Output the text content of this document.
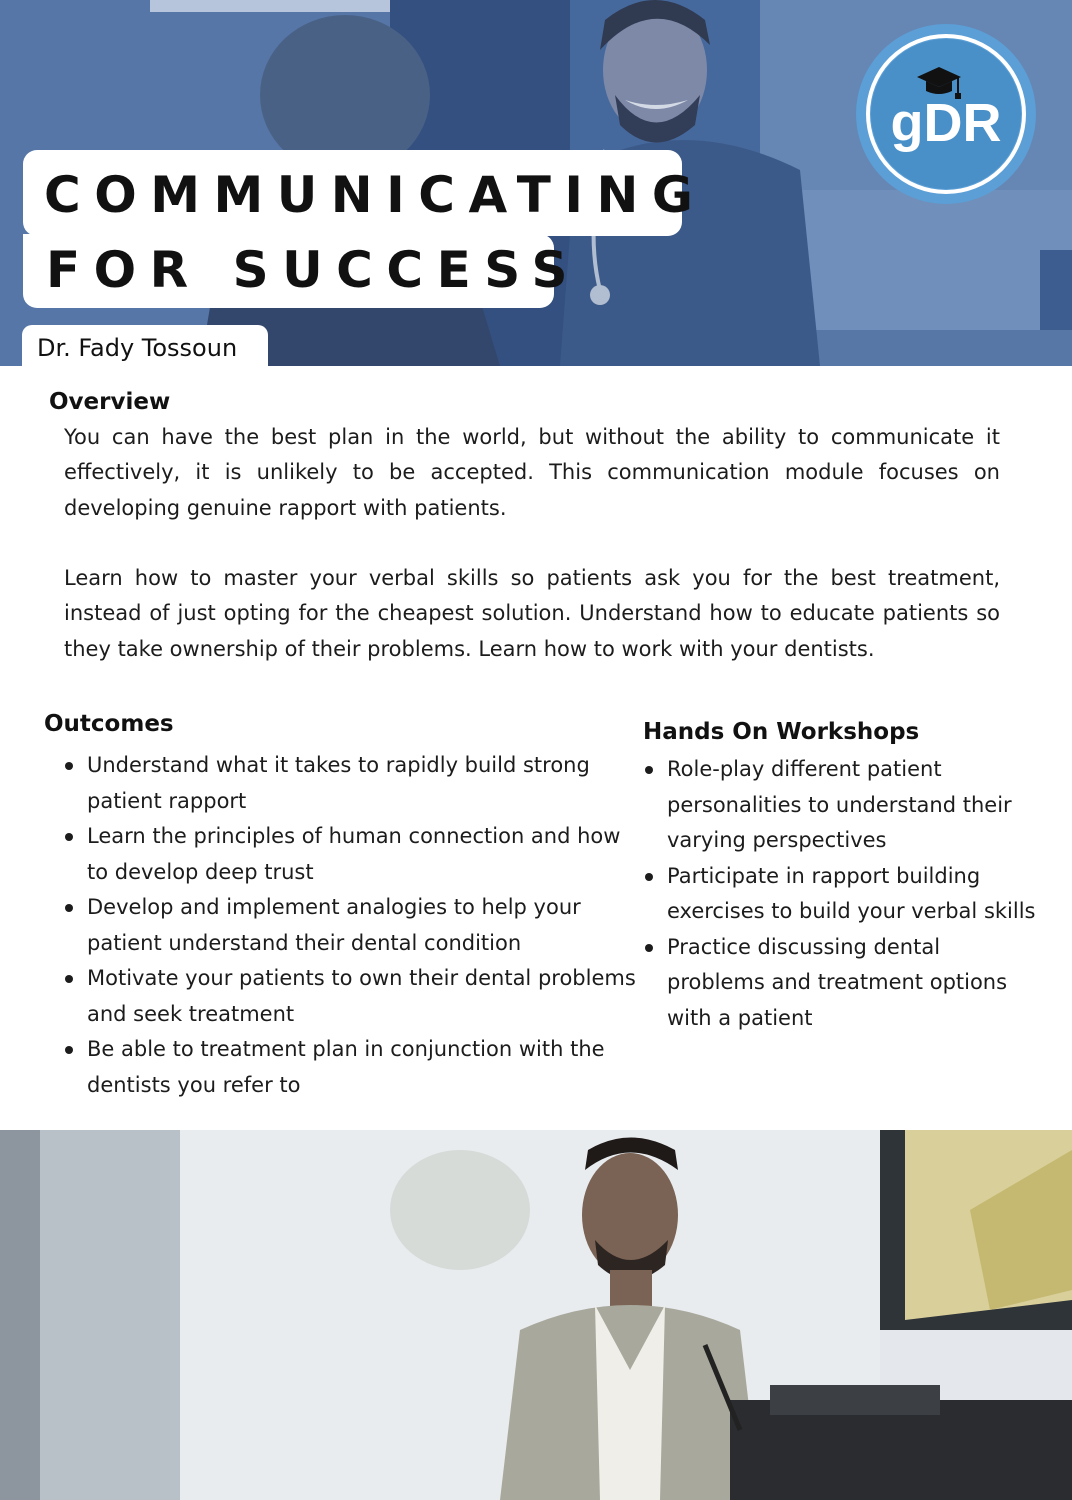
COMMUNICATING
FOR SUCCESS
Dr. Fady Tossoun
gDR
Overview

You can have the best plan in the world, but without the ability to communicate it effectively, it is unlikely to be accepted. This communication module focuses on developing genuine rapport with patients.

Learn how to master your verbal skills so patients ask you for the best treatment, instead of just opting for the cheapest solution. Understand how to educate patients so they take ownership of their problems. Learn how to work with your dentists.

Outcomes
Understand what it takes to rapidly build strong patient rapport
Learn the principles of human connection and how to develop deep trust
Develop and implement analogies to help your patient understand their dental condition
Motivate your patients to own their dental problems and seek treatment
Be able to treatment plan in conjunction with the dentists you refer to
Hands On Workshops
Role-play different patient personalities to understand their varying perspectives
Participate in rapport building exercises to build your verbal skills
Practice discussing dental problems and treatment options with a patient
